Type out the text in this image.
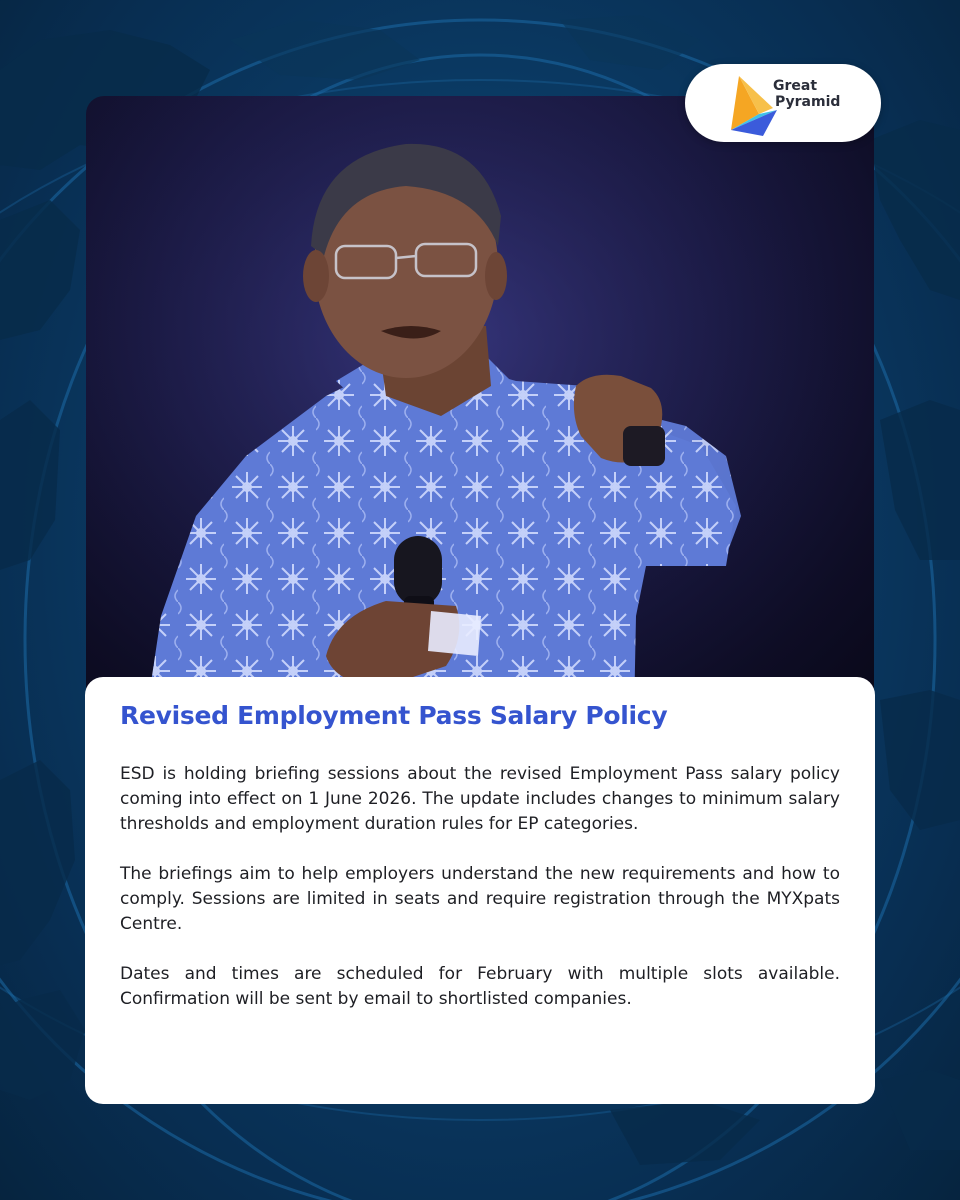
Great
Pyramid
Revised Employment Pass Salary Policy

ESD is holding briefing sessions about the revised Employment Pass salary policy coming into effect on 1 June 2026. The update includes changes to minimum salary thresholds and employment duration rules for EP categories.

The briefings aim to help employers understand the new requirements and how to comply. Sessions are limited in seats and require registration through the MYXpats Centre.

Dates and times are scheduled for February with multiple slots available. Confirmation will be sent by email to shortlisted companies.
